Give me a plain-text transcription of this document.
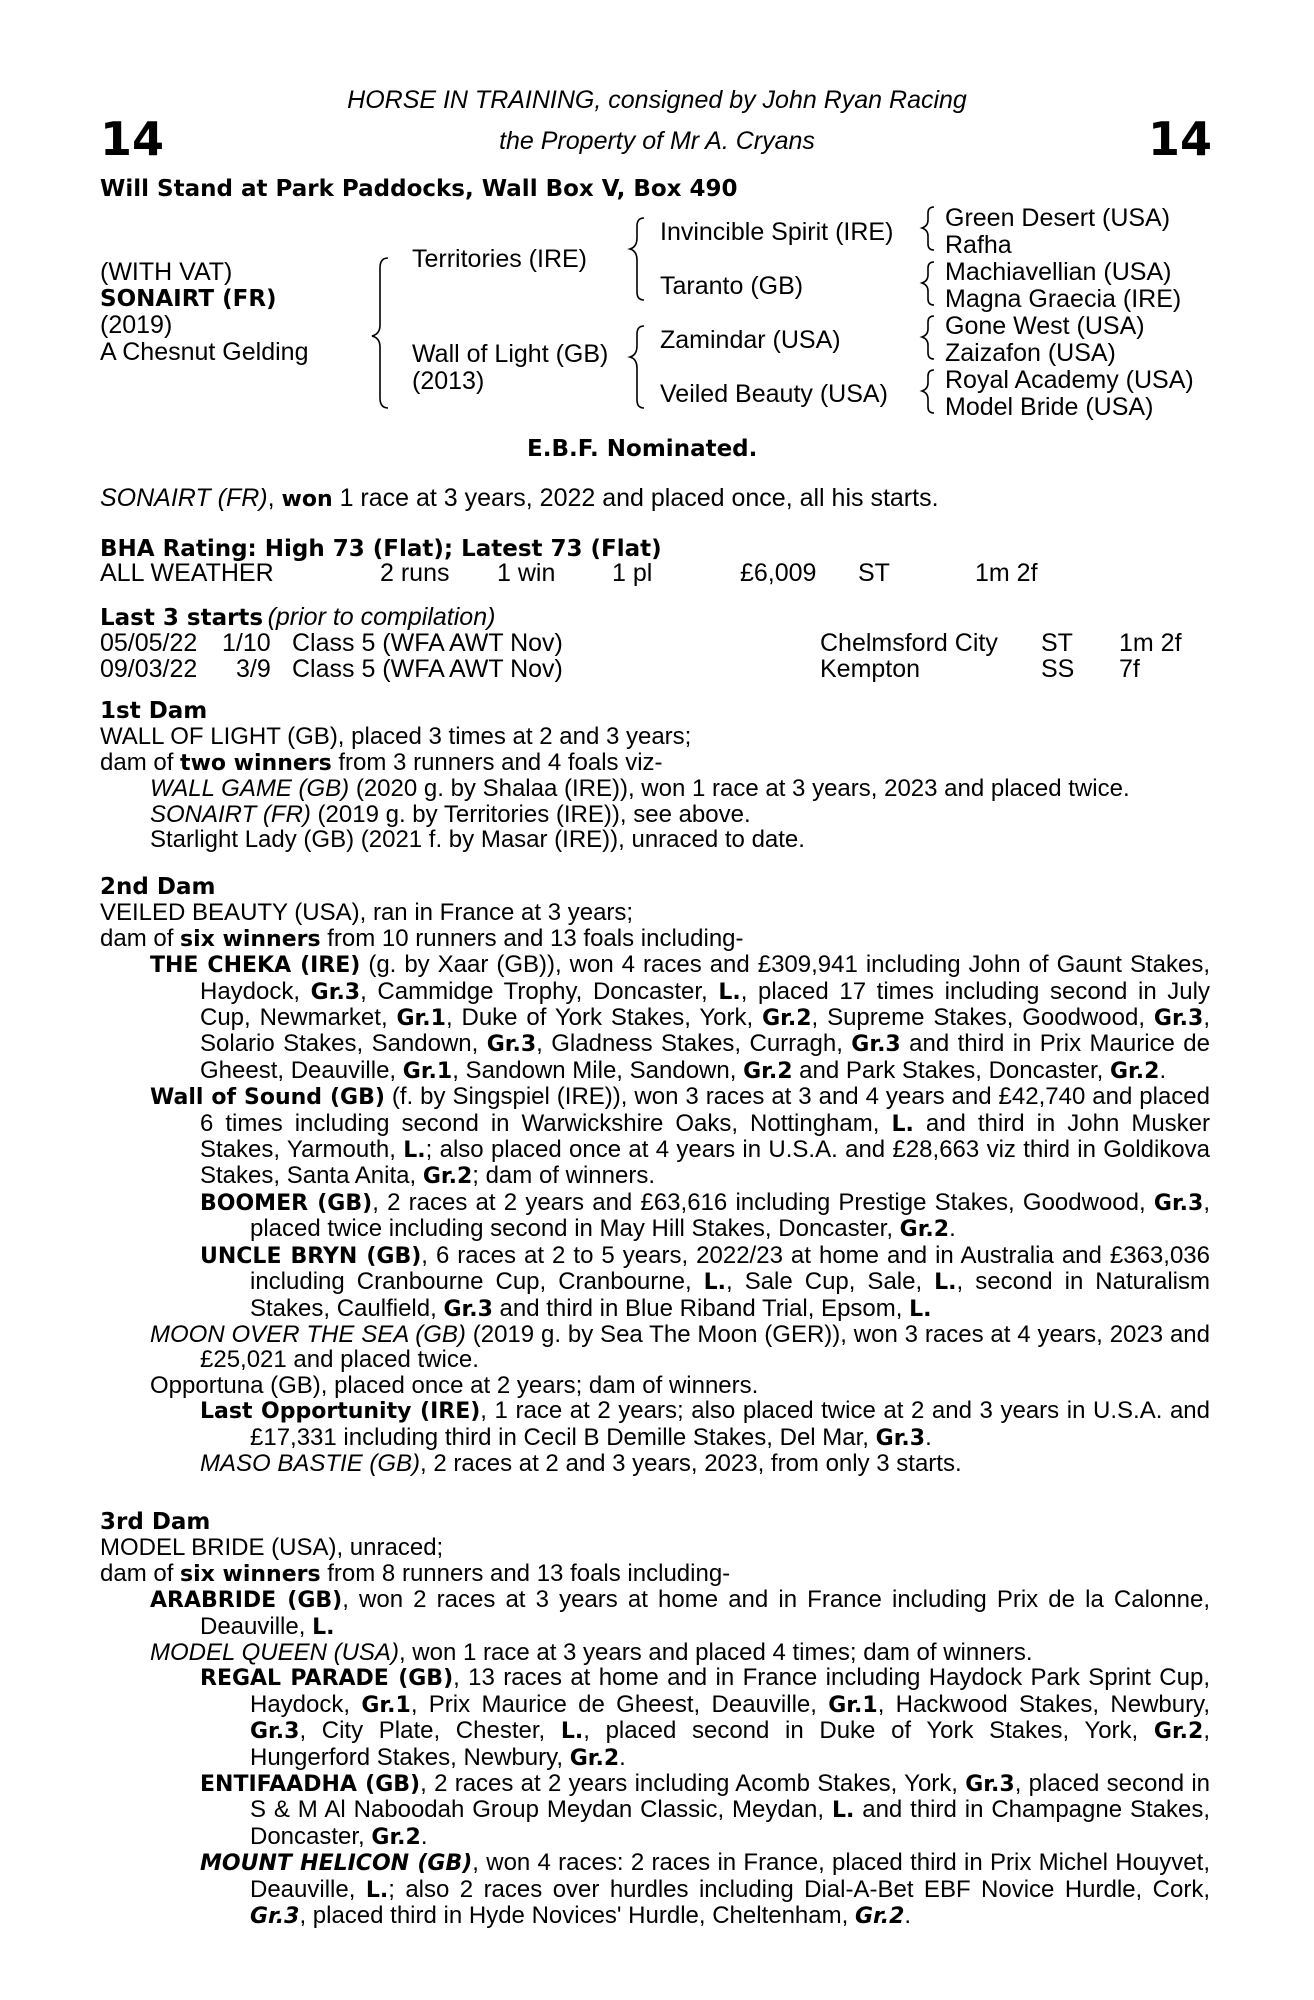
14	14
HORSE IN TRAINING, consigned by John Ryan Racing
the Property of Mr A. Cryans
Will Stand at Park Paddocks, Wall Box V, Box 490
(WITH VAT)
SONAIRT (FR)
(2019)
A Chesnut Gelding
Territories (IRE)
Wall of Light (GB)
(2013)
Invincible Spirit (IRE)
Taranto (GB)
Zamindar (USA)
Veiled Beauty (USA)
Green Desert (USA)
Rafha
Machiavellian (USA)
Magna Graecia (IRE)
Gone West (USA)
Zaizafon (USA)
Royal Academy (USA)
Model Bride (USA)
E.B.F. Nominated.
SONAIRT (FR), won 1 race at 3 years, 2022 and placed once, all his starts.
BHA Rating: High 73 (Flat); Latest 73 (Flat)
ALL WEATHER	2 runs 1 win 1 pl	£6,009 ST	1m 2f
Last 3 starts (prior to compilation)
05/05/22 1/10 Class 5 (WFA AWT Nov)	Chelmsford City ST 1m 2f
09/03/22 3/9 Class 5 (WFA AWT Nov)	Kempton	SS 7f
1st Dam
WALL OF LIGHT (GB), placed 3 times at 2 and 3 years;
dam of two winners from 3 runners and 4 foals viz-
WALL GAME (GB) (2020 g. by Shalaa (IRE)), won 1 race at 3 years, 2023 and placed twice.
SONAIRT (FR) (2019 g. by Territories (IRE)), see above.
Starlight Lady (GB) (2021 f. by Masar (IRE)), unraced to date.
2nd Dam
VEILED BEAUTY (USA), ran in France at 3 years;
dam of six winners from 10 runners and 13 foals including-
THE CHEKA (IRE) (g. by Xaar (GB)), won 4 races and £309,941 including John of Gaunt Stakes, Haydock, Gr.3, Cammidge Trophy, Doncaster, L., placed 17 times including second in July Cup, Newmarket, Gr.1, Duke of York Stakes, York, Gr.2, Supreme Stakes, Goodwood, Gr.3, Solario Stakes, Sandown, Gr.3, Gladness Stakes, Curragh, Gr.3 and third in Prix Maurice de Gheest, Deauville, Gr.1, Sandown Mile, Sandown, Gr.2 and Park Stakes, Doncaster, Gr.2.
Wall of Sound (GB) (f. by Singspiel (IRE)), won 3 races at 3 and 4 years and £42,740 and placed 6 times including second in Warwickshire Oaks, Nottingham, L. and third in John Musker Stakes, Yarmouth, L.; also placed once at 4 years in U.S.A. and £28,663 viz third in Goldikova Stakes, Santa Anita, Gr.2; dam of winners.
BOOMER (GB), 2 races at 2 years and £63,616 including Prestige Stakes, Goodwood, Gr.3, placed twice including second in May Hill Stakes, Doncaster, Gr.2.
UNCLE BRYN (GB), 6 races at 2 to 5 years, 2022/23 at home and in Australia and £363,036 including Cranbourne Cup, Cranbourne, L., Sale Cup, Sale, L., second in Naturalism Stakes, Caulfield, Gr.3 and third in Blue Riband Trial, Epsom, L.
MOON OVER THE SEA (GB) (2019 g. by Sea The Moon (GER)), won 3 races at 4 years, 2023 and £25,021 and placed twice.
Opportuna (GB), placed once at 2 years; dam of winners.
Last Opportunity (IRE), 1 race at 2 years; also placed twice at 2 and 3 years in U.S.A. and £17,331 including third in Cecil B Demille Stakes, Del Mar, Gr.3.
MASO BASTIE (GB), 2 races at 2 and 3 years, 2023, from only 3 starts.
3rd Dam
MODEL BRIDE (USA), unraced;
dam of six winners from 8 runners and 13 foals including-
ARABRIDE (GB), won 2 races at 3 years at home and in France including Prix de la Calonne, Deauville, L.
MODEL QUEEN (USA), won 1 race at 3 years and placed 4 times; dam of winners.
REGAL PARADE (GB), 13 races at home and in France including Haydock Park Sprint Cup, Haydock, Gr.1, Prix Maurice de Gheest, Deauville, Gr.1, Hackwood Stakes, Newbury, Gr.3, City Plate, Chester, L., placed second in Duke of York Stakes, York, Gr.2, Hungerford Stakes, Newbury, Gr.2.
ENTIFAADHA (GB), 2 races at 2 years including Acomb Stakes, York, Gr.3, placed second in S & M Al Naboodah Group Meydan Classic, Meydan, L. and third in Champagne Stakes, Doncaster, Gr.2.
MOUNT HELICON (GB), won 4 races: 2 races in France, placed third in Prix Michel Houyvet, Deauville, L.; also 2 races over hurdles including Dial-A-Bet EBF Novice Hurdle, Cork, Gr.3, placed third in Hyde Novices' Hurdle, Cheltenham, Gr.2.
